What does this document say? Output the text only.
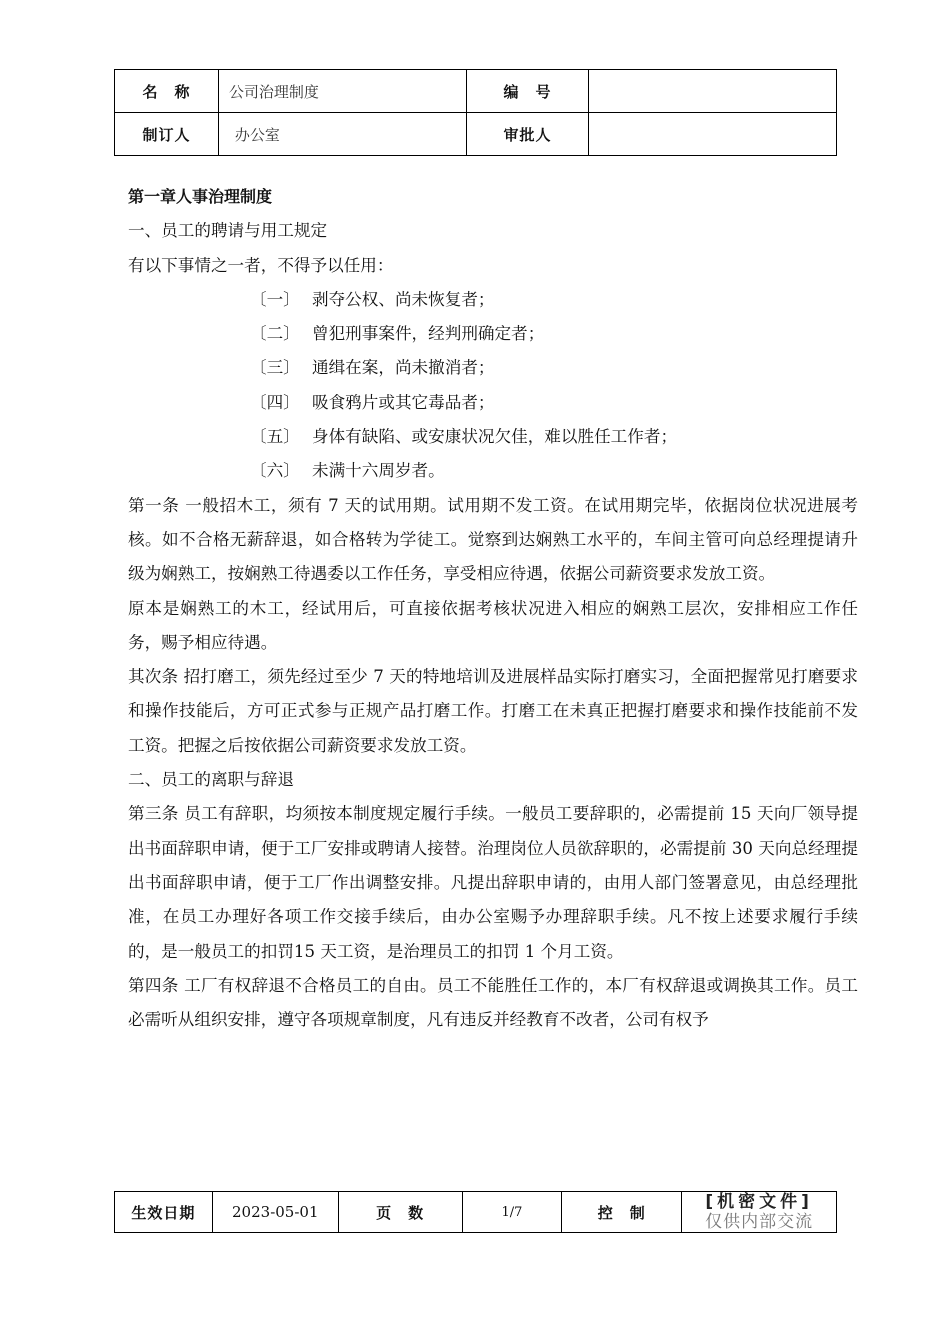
名　称	公司治理制度	编　号	
制订人	办公室	审批人	
第一章人事治理制度
一、员工的聘请与用工规定
有以下事情之一者，不得予以任用：
〔一〕 剥夺公权、尚未恢复者；
〔二〕 曾犯刑事案件，经判刑确定者；
〔三〕 通缉在案，尚未撤消者；
〔四〕 吸食鸦片或其它毒品者；
〔五〕 身体有缺陷、或安康状况欠佳，难以胜任工作者；
〔六〕 未满十六周岁者。

第一条 一般招木工，须有 7 天的试用期。试用期不发工资。在试用期完毕，依据岗位状况进展考核。如不合格无薪辞退，如合格转为学徒工。觉察到达娴熟工水平的，车间主管可向总经理提请升级为娴熟工，按娴熟工待遇委以工作任务，享受相应待遇，依据公司薪资要求发放工资。

原本是娴熟工的木工，经试用后，可直接依据考核状况进入相应的娴熟工层次，安排相应工作任务，赐予相应待遇。

其次条 招打磨工，须先经过至少 7 天的特地培训及进展样品实际打磨实习，全面把握常见打磨要求和操作技能后，方可正式参与正规产品打磨工作。打磨工在未真正把握打磨要求和操作技能前不发工资。把握之后按依据公司薪资要求发放工资。

二、员工的离职与辞退

第三条 员工有辞职，均须按本制度规定履行手续。一般员工要辞职的，必需提前 15 天向厂领导提出书面辞职申请，便于工厂安排或聘请人接替。治理岗位人员欲辞职的，必需提前 30 天向总经理提出书面辞职申请，便于工厂作出调整安排。凡提出辞职申请的，由用人部门签署意见，由总经理批准，在员工办理好各项工作交接手续后，由办公室赐予办理辞职手续。凡不按上述要求履行手续的，是一般员工的扣罚15 天工资，是治理员工的扣罚 1 个月工资。

第四条 工厂有权辞退不合格员工的自由。员工不能胜任工作的，本厂有权辞退或调换其工作。员工必需听从组织安排，遵守各项规章制度，凡有违反并经教育不改者，公司有权予

生效日期	2023-05-01	页　数	1/7	控　制	
[机密文件]
仅供内部交流
